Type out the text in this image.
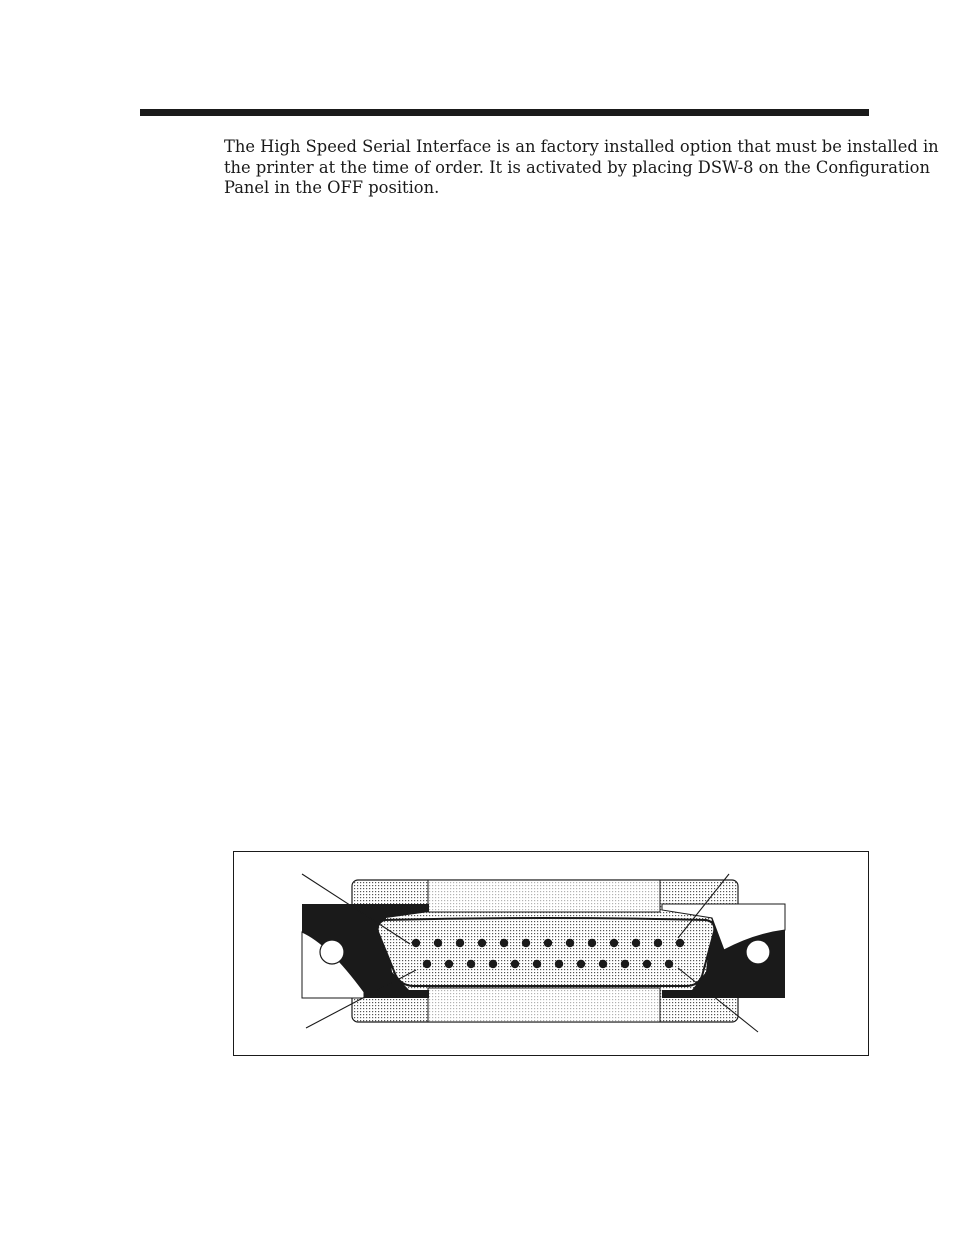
The High Speed Serial Interface is an factory installed option that must be installed in
the printer at the time of order. It is activated by placing DSW-8 on the Configuration
Panel in the OFF position.
